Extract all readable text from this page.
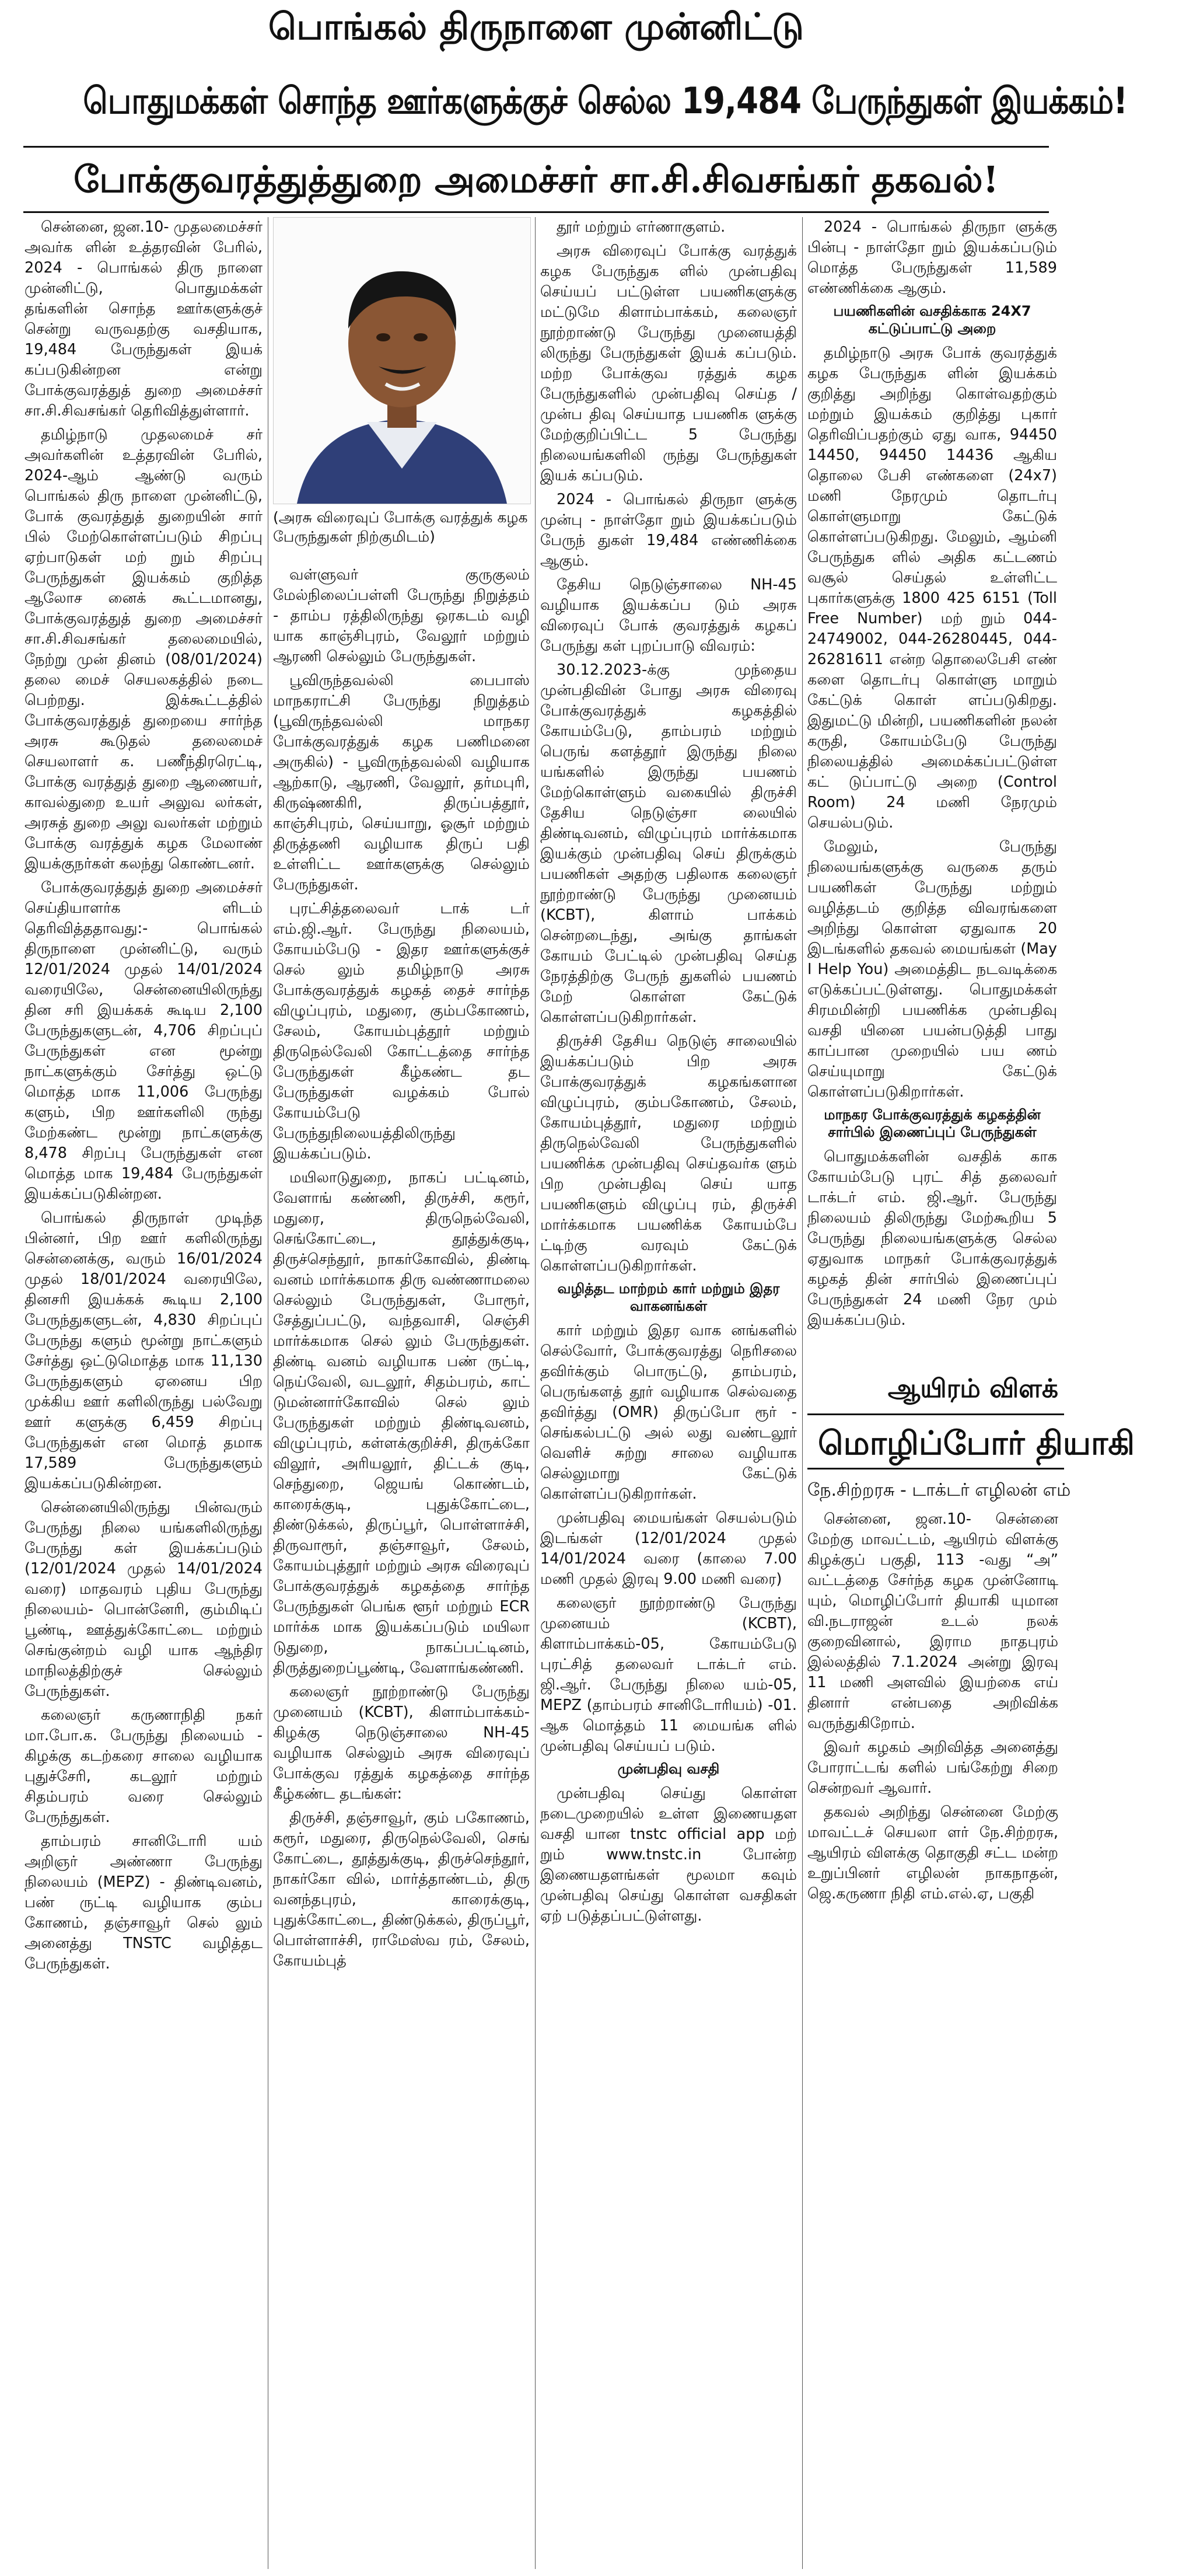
பொங்கல் திருநாளை முன்னிட்டு
பொதுமக்கள் சொந்த ஊர்களுக்குச் செல்ல 19,484 பேருந்துகள் இயக்கம்!
போக்குவரத்துத்துறை அமைச்சர் சா.சி.சிவசங்கர் தகவல்!

சென்னை, ஜன.10- முதலமைச்சர் அவர்க ளின் உத்தரவின் பேரில், 2024 - பொங்கல் திரு நாளை முன்னிட்டு, பொதுமக்கள் தங்களின் சொந்த ஊர்களுக்குச் சென்று வருவதற்கு வசதியாக, 19,484 பேருந்துகள் இயக் கப்படுகின்றன என்று போக்குவரத்துத் துறை அமைச்சர் சா.சி.சிவசங்கர் தெரிவித்துள்ளார்.

தமிழ்நாடு முதலமைச் சர் அவர்களின் உத்தரவின் பேரில், 2024-ஆம் ஆண்டு வரும் பொங்கல் திரு நாளை முன்னிட்டு, போக் குவரத்துத் துறையின் சார் பில் மேற்கொள்ளப்படும் சிறப்பு ஏற்பாடுகள் மற் றும் சிறப்பு பேருந்துகள் இயக்கம் குறித்த ஆலோச னைக் கூட்டமானது, போக்குவரத்துத் துறை அமைச்சர் சா.சி.சிவசங்கர் தலைமையில், நேற்று முன் தினம் (08/01/2024) தலை மைச் செயலகத்தில் நடை பெற்றது. இக்கூட்டத்தில் போக்குவரத்துத் துறையை சார்ந்த அரசு கூடுதல் தலைமைச் செயலாளர் க. பணீந்திரரெட்டி, போக்கு வரத்துத் துறை ஆணையர், காவல்துறை உயர் அலுவ லர்கள், அரசுத் துறை அலு வலர்கள் மற்றும் போக்கு வரத்துக் கழக மேலாண் இயக்குநர்கள் கலந்து கொண்டனர்.

போக்குவரத்துத் துறை அமைச்சர் செய்தியாளர்க ளிடம் தெரிவித்ததாவது:- பொங்கல் திருநாளை முன்னிட்டு, வரும் 12/01/2024 முதல் 14/01/2024 வரையிலே, சென்னையிலிருந்து தின சரி இயக்கக் கூடிய 2,100 பேருந்துகளுடன், 4,706 சிறப்புப் பேருந்துகள் என மூன்று நாட்களுக்கும் சேர்த்து ஒட்டு மொத்த மாக 11,006 பேருந்து களும், பிற ஊர்களிலி ருந்து மேற்கண்ட மூன்று நாட்களுக்கு 8,478 சிறப்பு பேருந்துகள் என மொத்த மாக 19,484 பேருந்துகள் இயக்கப்படுகின்றன.

பொங்கல் திருநாள் முடிந்த பின்னர், பிற ஊர் களிலிருந்து சென்னைக்கு, வரும் 16/01/2024 முதல் 18/01/2024 வரையிலே, தினசரி இயக்கக் கூடிய 2,100 பேருந்துகளுடன், 4,830 சிறப்புப் பேருந்து களும் மூன்று நாட்களும் சேர்த்து ஒட்டுமொத்த மாக 11,130 பேருந்துகளும் ஏனைய பிற முக்கிய ஊர் களிலிருந்து பல்வேறு ஊர் களுக்கு 6,459 சிறப்பு பேருந்துகள் என மொத் தமாக 17,589 பேருந்துகளும் இயக்கப்படுகின்றன.

சென்னையிலிருந்து பின்வரும் பேருந்து நிலை யங்களிலிருந்து பேருந்து கள் இயக்கப்படும் (12/01/2024 முதல் 14/01/2024 வரை) மாதவரம் புதிய பேருந்து நிலையம்- பொன்னேரி, கும்மிடிப் பூண்டி, ஊத்துக்கோட்டை மற்றும் செங்குன்றம் வழி யாக ஆந்திர மாநிலத்திற்குச் செல்லும் பேருந்துகள்.

கலைஞர் கருணாநிதி நகர் மா.போ.க. பேருந்து நிலையம் - கிழக்கு கடற்கரை சாலை வழியாக புதுச்சேரி, கடலூர் மற்றும் சிதம்பரம் வரை செல்லும் பேருந்துகள்.

தாம்பரம் சானிடோரி யம் அறிஞர் அண்ணா பேருந்து நிலையம் (MEPZ) - திண்டிவனம், பண் ருட்டி வழியாக கும்ப கோணம், தஞ்சாவூர் செல் லும் அனைத்து TNSTC வழித்தட பேருந்துகள்.

(அரசு விரைவுப் போக்கு வரத்துக் கழக பேருந்துகள் நிற்குமிடம்)

வள்ளுவர் குருகுலம் மேல்நிலைப்பள்ளி பேருந்து நிறுத்தம் - தாம்ப ரத்திலிருந்து ஒரகடம் வழி யாக காஞ்சிபுரம், வேலூர் மற்றும் ஆரணி செல்லும் பேருந்துகள்.

பூவிருந்தவல்லி பைபாஸ் மாநகராட்சி பேருந்து நிறுத்தம் (பூவிருந்தவல்லி மாநகர போக்குவரத்துக் கழக பணிமனை அருகில்) - பூவிருந்தவல்லி வழியாக ஆற்காடு, ஆரணி, வேலூர், தர்மபுரி, கிருஷ்ணகிரி, திருப்பத்தூர், காஞ்சிபுரம், செய்யாறு, ஓசூர் மற்றும் திருத்தணி வழியாக திருப் பதி உள்ளிட்ட ஊர்களுக்கு செல்லும் பேருந்துகள்.

புரட்சித்தலைவர் டாக் டர் எம்.ஜி.ஆர். பேருந்து நிலையம், கோயம்பேடு - இதர ஊர்களுக்குச் செல் லும் தமிழ்நாடு அரசு போக்குவரத்துக் கழகத் தைச் சார்ந்த விழுப்புரம், மதுரை, கும்பகோணம், சேலம், கோயம்புத்தூர் மற்றும் திருநெல்வேலி கோட்டத்தை சார்ந்த பேருந்துகள் கீழ்கண்ட தட பேருந்துகள் வழக்கம் போல் கோயம்பேடு பேருந்துநிலையத்திலிருந்து இயக்கப்படும்.

மயிலாடுதுறை, நாகப் பட்டினம், வேளாங் கண்ணி, திருச்சி, கரூர், மதுரை, திருநெல்வேலி, செங்கோட்டை, தூத்துக்குடி, திருச்செந்தூர், நாகர்கோவில், திண்டி வனம் மார்க்கமாக திரு வண்ணாமலை செல்லும் பேருந்துகள், போரூர், சேத்துப்பட்டு, வந்தவாசி, செஞ்சி மார்க்கமாக செல் லும் பேருந்துகள். திண்டி வனம் வழியாக பண் ருட்டி, நெய்வேலி, வடலூர், சிதம்பரம், காட் டுமன்னார்கோவில் செல் லும் பேருந்துகள் மற்றும் திண்டிவனம், விழுப்புரம், கள்ளக்குறிச்சி, திருக்கோ விலூர், அரியலூர், திட்டக் குடி, செந்துறை, ஜெயங் கொண்டம், காரைக்குடி, புதுக்கோட்டை, திண்டுக்கல், திருப்பூர், பொள்ளாச்சி, திருவாரூர், தஞ்சாவூர், சேலம், கோயம்புத்தூர் மற்றும் அரசு விரைவுப் போக்குவரத்துக் கழகத்தை சார்ந்த பேருந்துகள் பெங்க ளூர் மற்றும் ECR மார்க்க மாக இயக்கப்படும் மயிலா டுதுறை, நாகப்பட்டினம், திருத்துறைப்பூண்டி, வேளாங்கண்ணி.

கலைஞர் நூற்றாண்டு பேருந்து முனையம் (KCBT), கிளாம்பாக்கம்-கிழக்கு நெடுஞ்சாலை NH-45 வழியாக செல்லும் அரசு விரைவுப் போக்குவ ரத்துக் கழகத்தை சார்ந்த கீழ்கண்ட தடங்கள்:

திருச்சி, தஞ்சாவூர், கும் பகோணம், கரூர், மதுரை, திருநெல்வேலி, செங் கோட்டை, தூத்துக்குடி, திருச்செந்தூர், நாகர்கோ வில், மார்த்தாண்டம், திரு வனந்தபுரம், காரைக்குடி, புதுக்கோட்டை, திண்டுக்கல், திருப்பூர், பொள்ளாச்சி, ராமேஸ்வ ரம், சேலம், கோயம்புத்

தூர் மற்றும் எர்ணாகுளம்.

அரசு விரைவுப் போக்கு வரத்துக் கழக பேருந்துக ளில் முன்பதிவு செய்யப் பட்டுள்ள பயணிகளுக்கு மட்டுமே கிளாம்பாக்கம், கலைஞர் நூற்றாண்டு பேருந்து முனையத்தி லிருந்து பேருந்துகள் இயக் கப்படும். மற்ற போக்குவ ரத்துக் கழக பேருந்துகளில் முன்பதிவு செய்த / முன்ப திவு செய்யாத பயணிக ளுக்கு மேற்குறிப்பிட்ட 5 பேருந்து நிலையங்களிலி ருந்து பேருந்துகள் இயக் கப்படும்.

2024 - பொங்கல் திருநா ளுக்கு முன்பு - நாள்தோ றும் இயக்கப்படும் பேருந் துகள் 19,484 எண்ணிக்கை ஆகும்.

தேசிய நெடுஞ்சாலை NH-45 வழியாக இயக்கப்ப டும் அரசு விரைவுப் போக் குவரத்துக் கழகப் பேருந்து கள் புறப்பாடு விவரம்:

30.12.2023-க்கு முந்தைய முன்பதிவின் போது அரசு விரைவு போக்குவரத்துக் கழகத்தில் கோயம்பேடு, தாம்பரம் மற்றும் பெருங் களத்தூர் இருந்து நிலை யங்களில் இருந்து பயணம் மேற்கொள்ளும் வகையில் திருச்சி தேசிய நெடுஞ்சா லையில் திண்டிவனம், விழுப்புரம் மார்க்கமாக இயக்கும் முன்பதிவு செய் திருக்கும் பயணிகள் அதற்கு பதிலாக கலைஞர் நூற்றாண்டு பேருந்து முனையம் (KCBT), கிளாம் பாக்கம் சென்றடைந்து, அங்கு தாங்கள் கோயம் பேட்டில் முன்பதிவு செய்த நேரத்திற்கு பேருந் துகளில் பயணம் மேற் கொள்ள கேட்டுக் கொள்ளப்படுகிறார்கள்.

திருச்சி தேசிய நெடுஞ் சாலையில் இயக்கப்படும் பிற அரசு போக்குவரத்துக் கழகங்களான விழுப்புரம், கும்பகோணம், சேலம், கோயம்புத்தூர், மதுரை மற்றும் திருநெல்வேலி பேருந்துகளில் பயணிக்க முன்பதிவு செய்தவர்க ளும் பிற முன்பதிவு செய் யாத பயணிகளும் விழுப்பு ரம், திருச்சி மார்க்கமாக பயணிக்க கோயம்பே ட்டிற்கு வரவும் கேட்டுக் கொள்ளப்படுகிறார்கள்.

வழித்தட மாற்றம் கார் மற்றும் இதர வாகனங்கள்

கார் மற்றும் இதர வாக னங்களில் செல்வோர், போக்குவரத்து நெரிசலை தவிர்க்கும் பொருட்டு, தாம்பரம், பெருங்களத் தூர் வழியாக செல்வதை தவிர்த்து (OMR) திருப்போ ரூர் - செங்கல்பட்டு அல் லது வண்டலூர் வெளிச் சுற்று சாலை வழியாக செல்லுமாறு கேட்டுக் கொள்ளப்படுகிறார்கள்.

முன்பதிவு மையங்கள் செயல்படும் இடங்கள் (12/01/2024 முதல் 14/01/2024 வரை (காலை 7.00 மணி முதல் இரவு 9.00 மணி வரை)

கலைஞர் நூற்றாண்டு பேருந்து முனையம் (KCBT), கிளாம்பாக்கம்-05, கோயம்பேடு புரட்சித் தலைவர் டாக்டர் எம். ஜி.ஆர். பேருந்து நிலை யம்-05, MEPZ (தாம்பரம் சானிடோரியம்) -01. ஆக மொத்தம் 11 மையங்க ளில் முன்பதிவு செய்யப் படும்.

முன்பதிவு வசதி

முன்பதிவு செய்து கொள்ள நடைமுறையில் உள்ள இணையதள வசதி யான tnstc official app மற் றும் www.tnstc.in போன்ற இணையதளங்கள் மூலமா கவும் முன்பதிவு செய்து கொள்ள வசதிகள் ஏற் படுத்தப்பட்டுள்ளது.

2024 - பொங்கல் திருநா ளுக்கு பின்பு - நாள்தோ றும் இயக்கப்படும் மொத்த பேருந்துகள் 11,589 எண்ணிக்கை ஆகும்.

பயணிகளின் வசதிக்காக 24X7 கட்டுப்பாட்டு அறை

தமிழ்நாடு அரசு போக் குவரத்துக் கழக பேருந்துக ளின் இயக்கம் குறித்து அறிந்து கொள்வதற்கும் மற்றும் இயக்கம் குறித்து புகார் தெரிவிப்பதற்கும் ஏது வாக, 94450 14450, 94450 14436 ஆகிய தொலை பேசி எண்களை (24x7) மணி நேரமும் தொடர்பு கொள்ளுமாறு கேட்டுக் கொள்ளப்படுகிறது. மேலும், ஆம்னி பேருந்துக ளில் அதிக கட்டணம் வசூல் செய்தல் உள்ளிட்ட புகார்களுக்கு 1800 425 6151 (Toll Free Number) மற் றும் 044-24749002, 044-26280445, 044-26281611 என்ற தொலைபேசி எண் களை தொடர்பு கொள்ளு மாறும் கேட்டுக் கொள் ளப்படுகிறது. இதுமட்டு மின்றி, பயணிகளின் நலன் கருதி, கோயம்பேடு பேருந்து நிலையத்தில் அமைக்கப்பட்டுள்ள கட் டுப்பாட்டு அறை (Control Room) 24 மணி நேரமும் செயல்படும்.

மேலும், பேருந்து நிலையங்களுக்கு வருகை தரும் பயணிகள் பேருந்து மற்றும் வழித்தடம் குறித்த விவரங்களை அறிந்து கொள்ள ஏதுவாக 20 இடங்களில் தகவல் மையங்கள் (May I Help You) அமைத்திட நடவடிக்கை எடுக்கப்பட்டுள்ளது. பொதுமக்கள் சிரமமின்றி பயணிக்க முன்பதிவு வசதி யினை பயன்படுத்தி பாது காப்பான முறையில் பய ணம் செய்யுமாறு கேட்டுக் கொள்ளப்படுகிறார்கள்.

மாநகர போக்குவரத்துக் கழகத்தின் சார்பில் இணைப்புப் பேருந்துகள்

பொதுமக்களின் வசதிக் காக கோயம்பேடு புரட் சித் தலைவர் டாக்டர் எம். ஜி.ஆர். பேருந்து நிலையம் திலிருந்து மேற்கூறிய 5 பேருந்து நிலையங்களுக்கு செல்ல ஏதுவாக மாநகர் போக்குவரத்துக் கழகத் தின் சார்பில் இணைப்புப் பேருந்துகள் 24 மணி நேர மும் இயக்கப்படும்.

ஆயிரம் விளக்
மொழிப்போர் தியாகி
நே.சிற்றரசு - டாக்டர் எழிலன் எம்

சென்னை, ஜன.10- சென்னை மேற்கு மாவட்டம், ஆயிரம் விளக்கு கிழக்குப் பகுதி, 113 -வது “அ” வட்டத்தை சேர்ந்த கழக முன்னோடி யும், மொழிப்போர் தியாகி யுமான வி.நடராஜன் உடல் நலக் குறைவினால், இராம நாதபுரம் இல்லத்தில் 7.1.2024 அன்று இரவு 11 மணி அளவில் இயற்கை எய் தினார் என்பதை அறிவிக்க வருந்துகிறோம்.

இவர் கழகம் அறிவித்த அனைத்து போராட்டங் களில் பங்கேற்று சிறை சென்றவர் ஆவார்.

தகவல் அறிந்து சென்னை மேற்கு மாவட்டச் செயலா ளர் நே.சிற்றரசு, ஆயிரம் விளக்கு தொகுதி சட்ட மன்ற உறுப்பினர் எழிலன் நாகநாதன், ஜெ.கருணா நிதி எம்.எல்.ஏ, பகுதி
